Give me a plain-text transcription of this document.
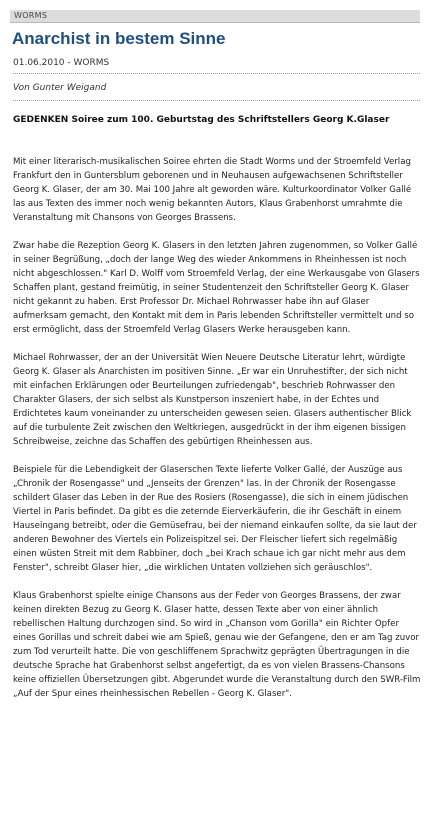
WORMS
Anarchist in bestem Sinne
01.06.2010 - WORMS
Von Gunter Weigand

GEDENKEN Soiree zum 100. Geburtstag des Schriftstellers Georg K.Glaser

Mit einer literarisch-musikalischen Soiree ehrten die Stadt Worms und der Stroemfeld Verlag Frankfurt den in Guntersblum geborenen und in Neuhausen aufgewachsenen Schriftsteller Georg K. Glaser, der am 30. Mai 100 Jahre alt geworden wäre. Kulturkoordinator Volker Gallé las aus Texten des immer noch wenig bekannten Autors, Klaus Grabenhorst umrahmte die Veranstaltung mit Chansons von Georges Brassens.

Zwar habe die Rezeption Georg K. Glasers in den letzten Jahren zugenommen, so Volker Gallé in seiner Begrüßung, „doch der lange Weg des wieder Ankommens in Rheinhessen ist noch nicht abgeschlossen." Karl D. Wolff vom Stroemfeld Verlag, der eine Werkausgabe von Glasers Schaffen plant, gestand freimütig, in seiner Studentenzeit den Schriftsteller Georg K. Glaser nicht gekannt zu haben. Erst Professor Dr. Michael Rohrwasser habe ihn auf Glaser aufmerksam gemacht, den Kontakt mit dem in Paris lebenden Schriftsteller vermittelt und so erst ermöglicht, dass der Stroemfeld Verlag Glasers Werke herausgeben kann.

Michael Rohrwasser, der an der Universität Wien Neuere Deutsche Literatur lehrt, würdigte Georg K. Glaser als Anarchisten im positiven Sinne. „Er war ein Unruhestifter, der sich nicht mit einfachen Erklärungen oder Beurteilungen zufriedengab", beschrieb Rohrwasser den Charakter Glasers, der sich selbst als Kunstperson inszeniert habe, in der Echtes und Erdichtetes kaum voneinander zu unterscheiden gewesen seien. Glasers authentischer Blick auf die turbulente Zeit zwischen den Weltkriegen, ausgedrückt in der ihm eigenen bissigen Schreibweise, zeichne das Schaffen des gebürtigen Rheinhessen aus.

Beispiele für die Lebendigkeit der Glaserschen Texte lieferte Volker Gallé, der Auszüge aus „Chronik der Rosengasse" und „Jenseits der Grenzen" las. In der Chronik der Rosengasse schildert Glaser das Leben in der Rue des Rosiers (Rosengasse), die sich in einem jüdischen Viertel in Paris befindet. Da gibt es die zeternde Eierverkäuferin, die ihr Geschäft in einem Hauseingang betreibt, oder die Gemüsefrau, bei der niemand einkaufen sollte, da sie laut der anderen Bewohner des Viertels ein Polizeispitzel sei. Der Fleischer liefert sich regelmäßig einen wüsten Streit mit dem Rabbiner, doch „bei Krach schaue ich gar nicht mehr aus dem Fenster", schreibt Glaser hier, „die wirklichen Untaten vollziehen sich geräuschlos".

Klaus Grabenhorst spielte einige Chansons aus der Feder von Georges Brassens, der zwar keinen direkten Bezug zu Georg K. Glaser hatte, dessen Texte aber von einer ähnlich rebellischen Haltung durchzogen sind. So wird in „Chanson vom Gorilla" ein Richter Opfer eines Gorillas und schreit dabei wie am Spieß, genau wie der Gefangene, den er am Tag zuvor zum Tod verurteilt hatte. Die von geschliffenem Sprachwitz geprägten Übertragungen in die deutsche Sprache hat Grabenhorst selbst angefertigt, da es von vielen Brassens-Chansons keine offiziellen Übersetzungen gibt. Abgerundet wurde die Veranstaltung durch den SWR-Film „Auf der Spur eines rheinhessischen Rebellen - Georg K. Glaser".
